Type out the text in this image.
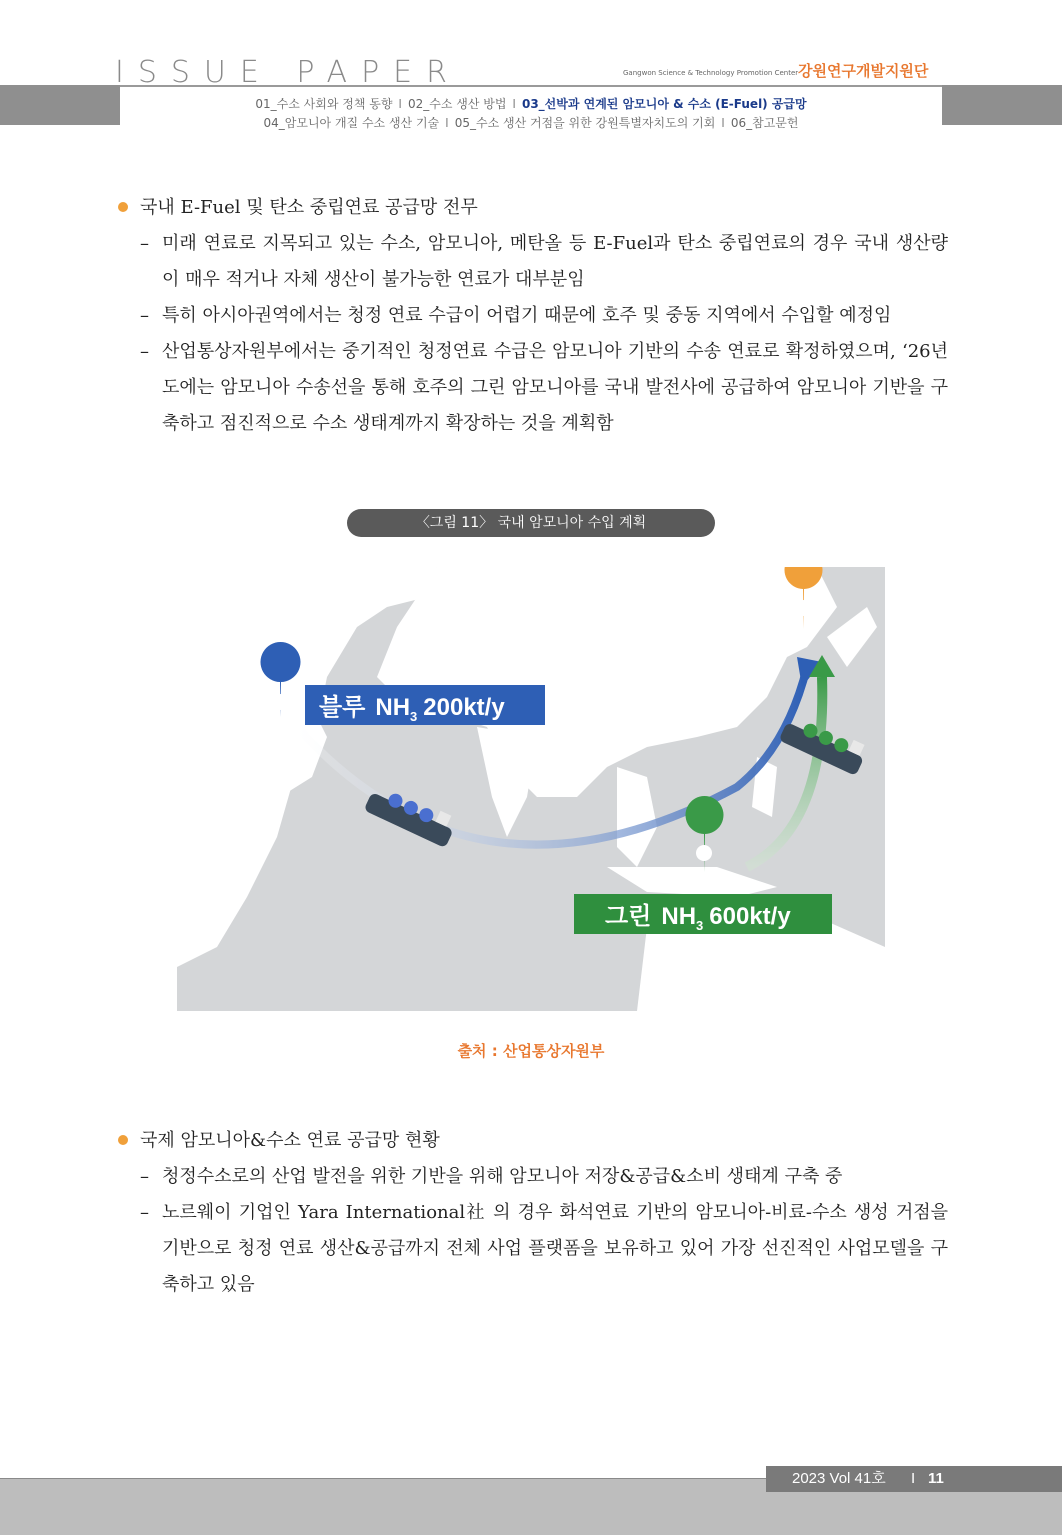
ISSUE PAPER	Gangwon Science & Technology Promotion Center 강원연구개발지원단
01_수소 사회와 정책 동향 I 02_수소 생산 방법 I 03_선박과 연계된 암모니아 & 수소 (E-Fuel) 공급망
04_암모니아 개질 수소 생산 기술 I 05_수소 생산 거점을 위한 강원특별자치도의 기회 I 06_참고문헌
국내 E-Fuel 및 탄소 중립연료 공급망 전무
– 미래 연료로 지목되고 있는 수소, 암모니아, 메탄올 등 E-Fuel과 탄소 중립연료의 경우 국내 생산량이 매우 적거나 자체 생산이 불가능한 연료가 대부분임
– 특히 아시아권역에서는 청정 연료 수급이 어렵기 때문에 호주 및 중동 지역에서 수입할 예정임
– 산업통상자원부에서는 중기적인 청정연료 수급은 암모니아 기반의 수송 연료로 확정하였으며, ‘26년도에는 암모니아 수송선을 통해 호주의 그린 암모니아를 국내 발전사에 공급하여 암모니아 기반을 구축하고 점진적으로 수소 생태계까지 확장하는 것을 계획함
〈그림 11〉 국내 암모니아 수입 계획
블루 $NH_3$ 200kt/y
그린 $NH_3$ 600kt/y
출처 : 산업통상자원부
국제 암모니아&수소 연료 공급망 현황
– 청정수소로의 산업 발전을 위한 기반을 위해 암모니아 저장&공급&소비 생태계 구축 중
– 노르웨이 기업인 Yara International社 의 경우 화석연료 기반의 암모니아-비료-수소 생성 거점을 기반으로 청정 연료 생산&공급까지 전체 사업 플랫폼을 보유하고 있어 가장 선진적인 사업모델을 구축하고 있음
2023 Vol 41호 I 11
